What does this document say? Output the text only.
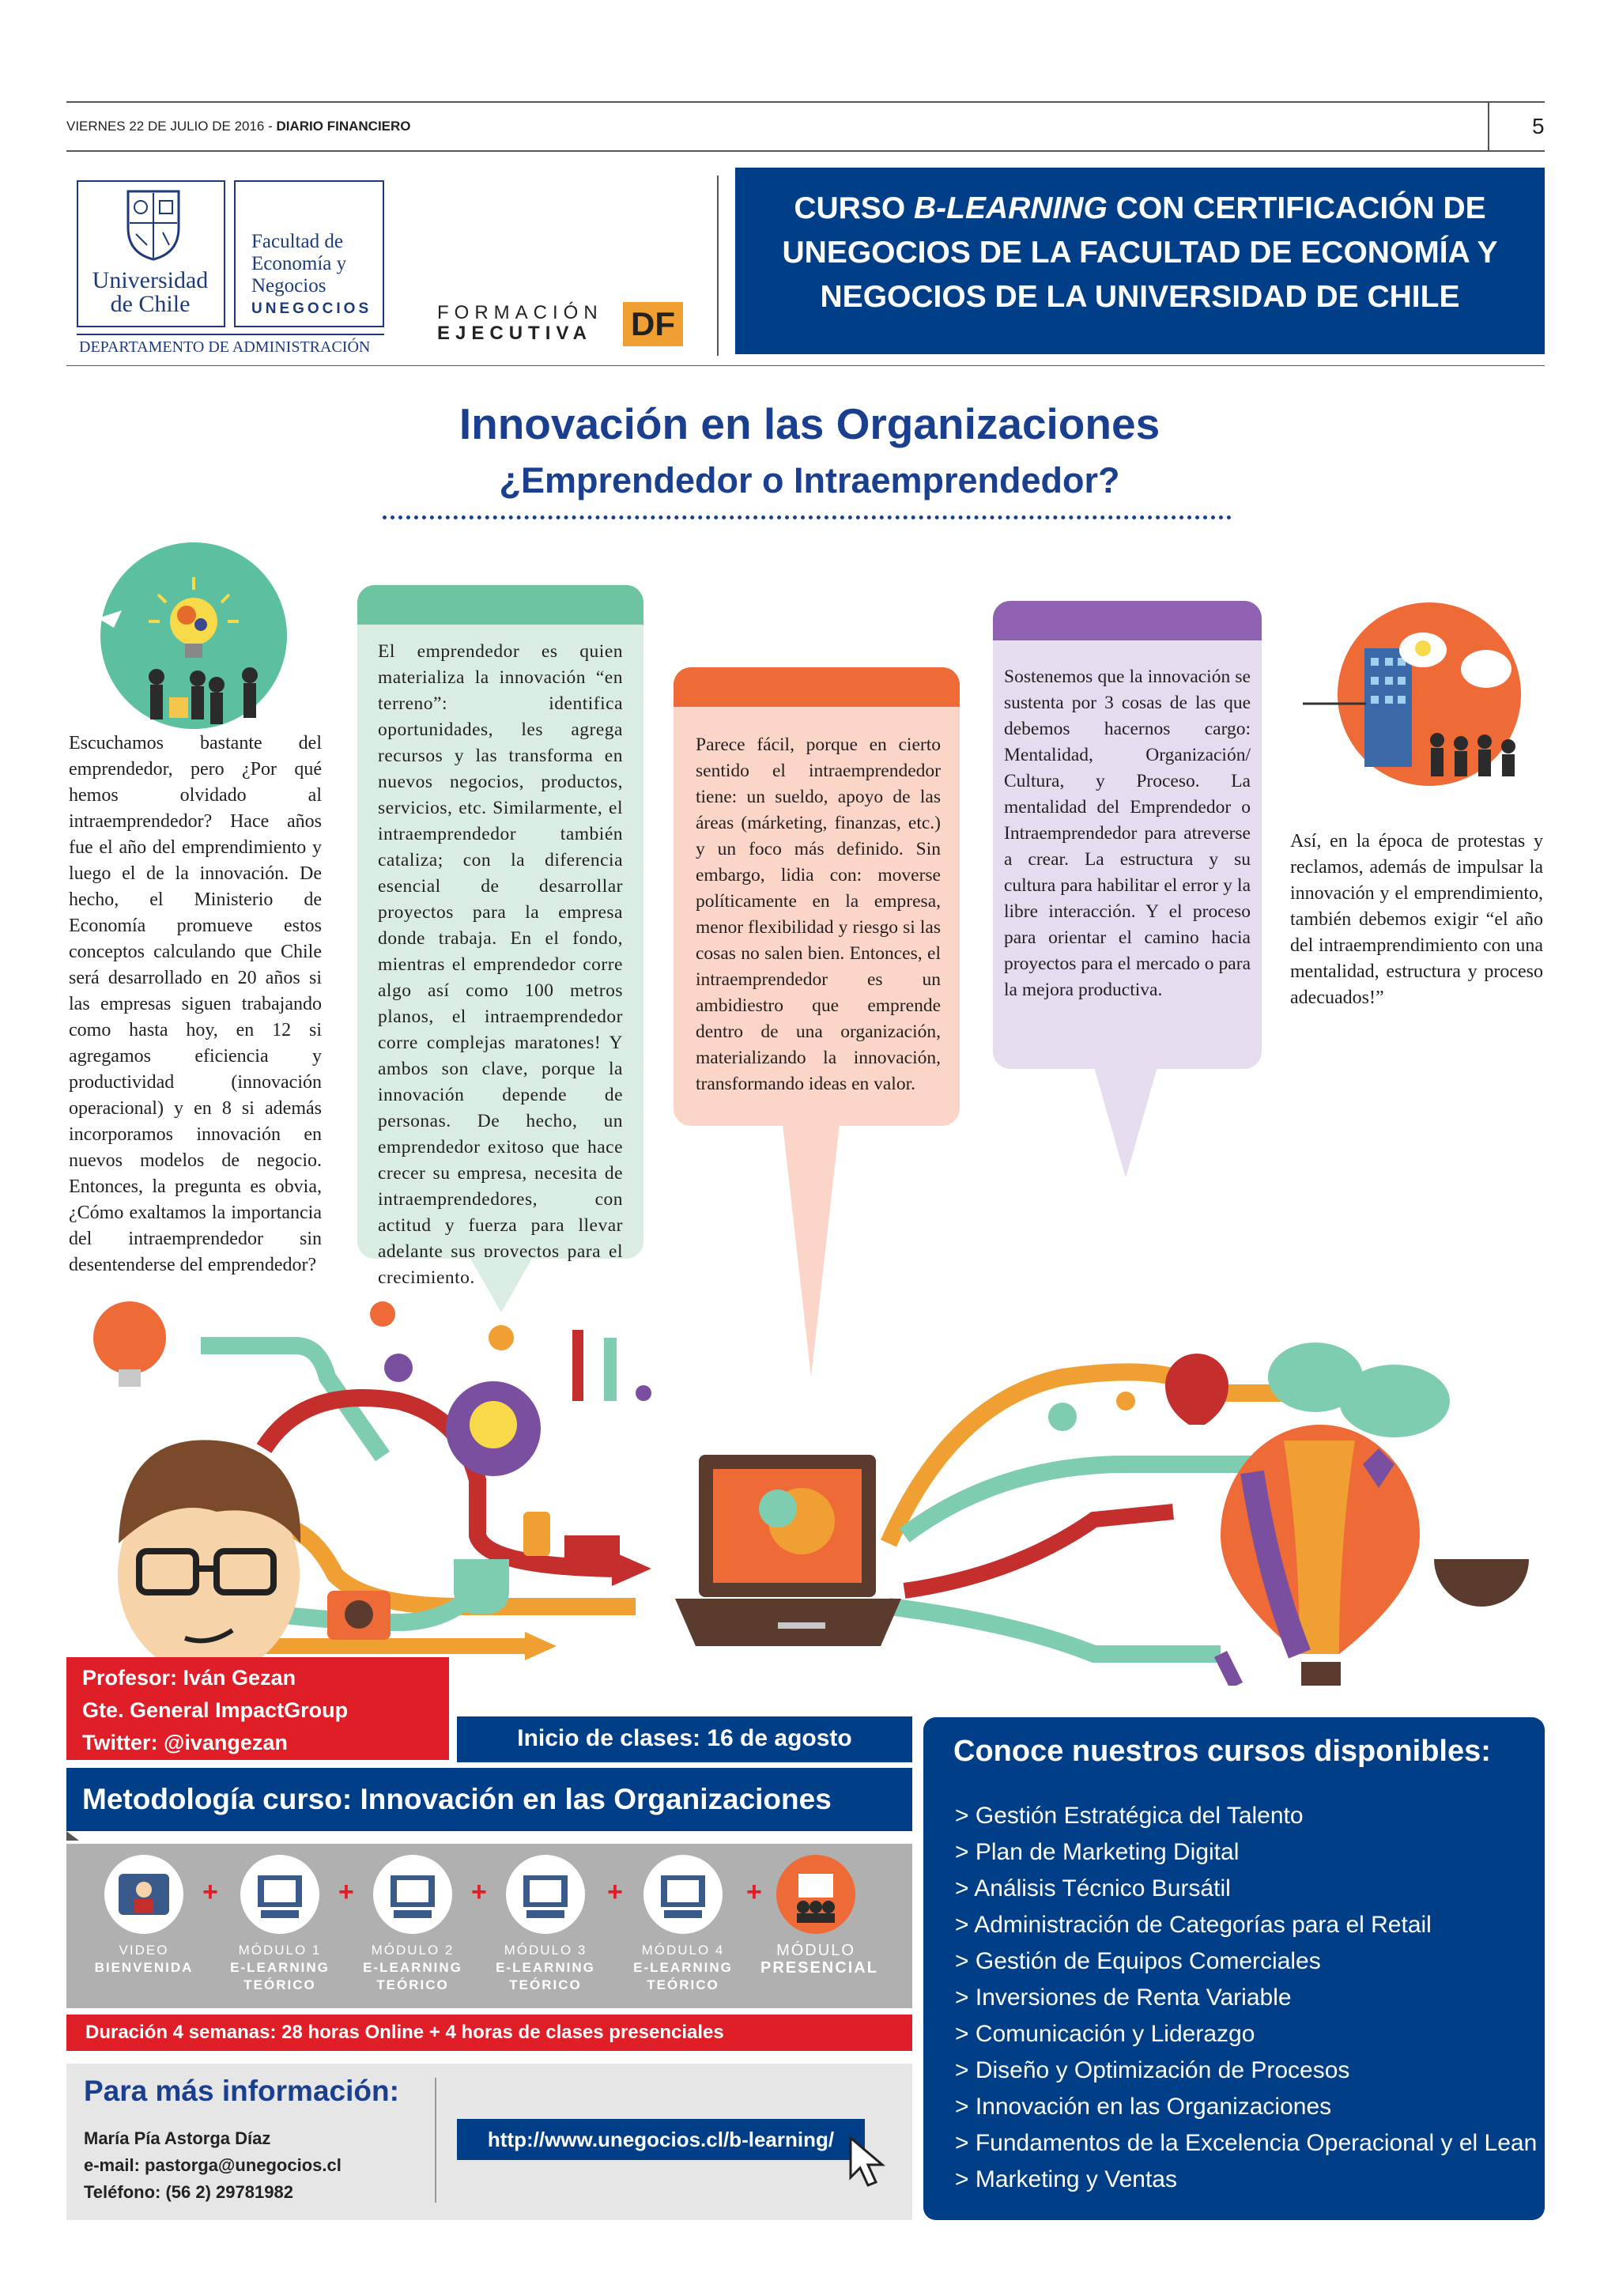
VIERNES 22 DE JULIO DE 2016 - DIARIO FINANCIERO	5
Universidad de Chile
Facultad de Economía y Negocios
UNEGOCIOS
DEPARTAMENTO DE ADMINISTRACIÓN
FORMACIÓN
EJECUTIVA	DF
CURSO B-LEARNING CON CERTIFICACIÓN DE
UNEGOCIOS DE LA FACULTAD DE ECONOMÍA Y
NEGOCIOS DE LA UNIVERSIDAD DE CHILE
Innovación en las Organizaciones
¿Emprendedor o Intraemprendedor?
Escuchamos bastante del emprendedor, pero ¿Por qué hemos olvidado al intraemprendedor? Hace años fue el año del emprendimiento y luego el de la innovación. De hecho, el Ministerio de Economía promueve estos conceptos calculando que Chile será desarrollado en 20 años si las empresas siguen trabajando como hasta hoy, en 12 si agregamos eficiencia y productividad (innovación operacional) y en 8 si además incorporamos innovación en nuevos modelos de negocio. Entonces, la pregunta es obvia, ¿Cómo exaltamos la importancia del intraemprendedor sin desentenderse del emprendedor?
El emprendedor es quien materializa la innovación “en terreno”: identifica oportunidades, les agrega recursos y las transforma en nuevos negocios, productos, servicios, etc. Similarmente, el intraemprendedor también cataliza; con la diferencia esencial de desarrollar proyectos para la empresa donde trabaja. En el fondo, mientras el emprendedor corre algo así como 100 metros planos, el intraemprendedor corre complejas maratones! Y ambos son clave, porque la innovación depende de personas. De hecho, un emprendedor exitoso que hace crecer su empresa, necesita de intraemprendedores, con actitud y fuerza para llevar adelante sus proyectos para el crecimiento.
Parece fácil, porque en cierto sentido el intraemprendedor tiene: un sueldo, apoyo de las áreas (márketing, finanzas, etc.) y un foco más definido. Sin embargo, lidia con: moverse políticamente en la empresa, menor flexibilidad y riesgo si las cosas no salen bien. Entonces, el intraemprendedor es un ambidiestro que emprende dentro de una organización, materializando la innovación, transformando ideas en valor.
Sostenemos que la innovación se sustenta por 3 cosas de las que debemos hacernos cargo: Mentalidad, Organización/ Cultura, y Proceso. La mentalidad del Emprendedor o Intraemprendedor para atreverse a crear. La estructura y su cultura para habilitar el error y la libre interacción. Y el proceso para orientar el camino hacia proyectos para el mercado o para la mejora productiva.
Así, en la época de protestas y reclamos, además de impulsar la innovación y el emprendimiento, también debemos exigir “el año del intraemprendimiento con una mentalidad, estructura y proceso adecuados!”
Profesor: Iván Gezan
Gte. General ImpactGroup
Twitter: @ivangezan	Inicio de clases: 16 de agosto
Metodología curso: Innovación en las Organizaciones
+	+	+	+	+
VIDEO
BIENVENIDA
MÓDULO 1
E-LEARNING TEÓRICO
MÓDULO 2
E-LEARNING TEÓRICO
MÓDULO 3
E-LEARNING TEÓRICO
MÓDULO 4
E-LEARNING TEÓRICO
MÓDULO
PRESENCIAL
Duración 4 semanas: 28 horas Online + 4 horas de clases presenciales
Para más información:
María Pía Astorga Díaz
e-mail: pastorga@unegocios.cl
Teléfono: (56 2) 29781982
http://www.unegocios.cl/b-learning/
Conoce nuestros cursos disponibles:
> Gestión Estratégica del Talento
> Plan de Marketing Digital
> Análisis Técnico Bursátil
> Administración de Categorías para el Retail
> Gestión de Equipos Comerciales
> Inversiones de Renta Variable
> Comunicación y Liderazgo
> Diseño y Optimización de Procesos
> Innovación en las Organizaciones
> Fundamentos de la Excelencia Operacional y el Lean
> Marketing y Ventas
